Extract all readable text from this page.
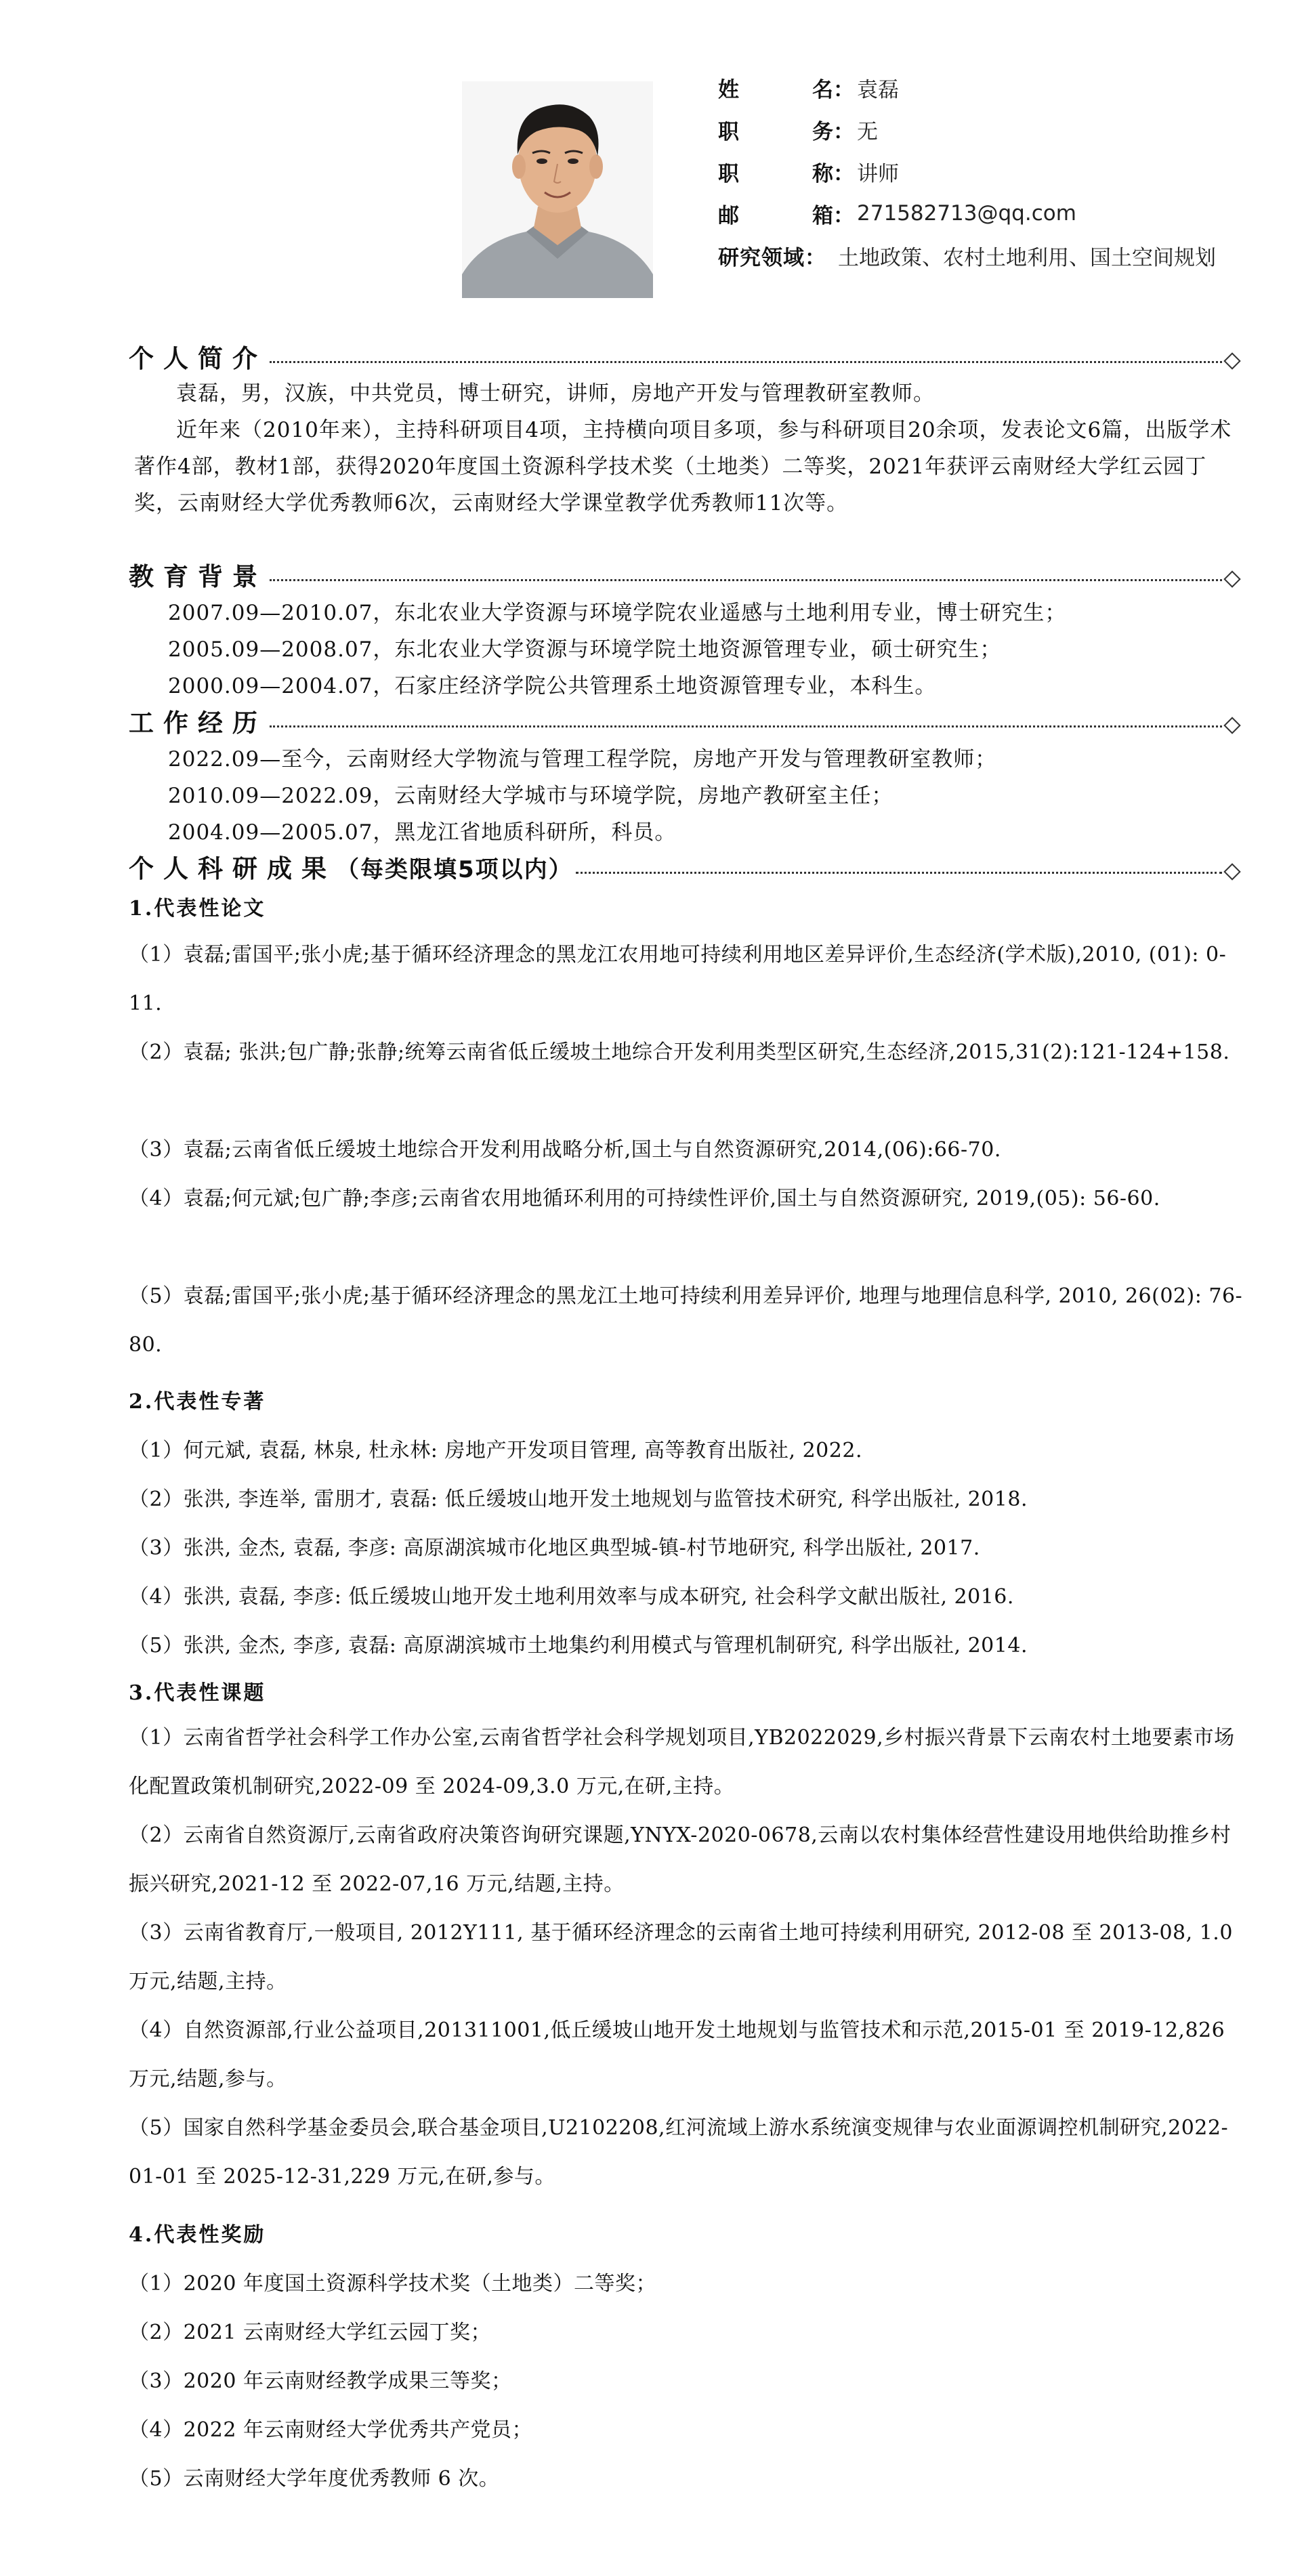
姓	名 ： 袁磊
职	务 ： 无
职	称 ： 讲师
邮	箱 ： 271582713@qq.com
研究领域 ： 土地政策、农村土地利用、国土空间规划
个人简介
袁磊，男，汉族，中共党员，博士研究，讲师，房地产开发与管理教研室教师。
近年来（2010年来），主持科研项目4项，主持横向项目多项，参与科研项目20余项，发表论文6篇，出版学术著作4部，教材1部，获得2020年度国土资源科学技术奖（土地类）二等奖，2021年获评云南财经大学红云园丁奖，云南财经大学优秀教师6次，云南财经大学课堂教学优秀教师11次等。
教育背景
2007.09—2010.07，东北农业大学资源与环境学院农业遥感与土地利用专业，博士研究生；
2005.09—2008.07，东北农业大学资源与环境学院土地资源管理专业，硕士研究生；
2000.09—2004.07，石家庄经济学院公共管理系土地资源管理专业，本科生。
工作经历
2022.09—至今，云南财经大学物流与管理工程学院，房地产开发与管理教研室教师；
2010.09—2022.09，云南财经大学城市与环境学院，房地产教研室主任；
2004.09—2005.07，黑龙江省地质科研所，科员。
个人科研成果（每类限填5项以内）
1.代表性论文
（1）袁磊;雷国平;张小虎;基于循环经济理念的黑龙江农用地可持续利用地区差异评价,生态经济(学术版),2010, (01): 0-11.
（2）袁磊; 张洪;包广静;张静;统筹云南省低丘缓坡土地综合开发利用类型区研究,生态经济,2015,31(2):121-124+158.
（3）袁磊;云南省低丘缓坡土地综合开发利用战略分析,国土与自然资源研究,2014,(06):66-70.
（4）袁磊;何元斌;包广静;李彦;云南省农用地循环利用的可持续性评价,国土与自然资源研究, 2019,(05): 56-60.
（5）袁磊;雷国平;张小虎;基于循环经济理念的黑龙江土地可持续利用差异评价, 地理与地理信息科学, 2010, 26(02): 76-80.
2.代表性专著
（1）何元斌, 袁磊, 林泉, 杜永林: 房地产开发项目管理, 高等教育出版社, 2022.
（2）张洪, 李连举, 雷朋才, 袁磊: 低丘缓坡山地开发土地规划与监管技术研究, 科学出版社, 2018.
（3）张洪, 金杰, 袁磊, 李彦: 高原湖滨城市化地区典型城-镇-村节地研究, 科学出版社, 2017.
（4）张洪, 袁磊, 李彦: 低丘缓坡山地开发土地利用效率与成本研究, 社会科学文献出版社, 2016.
（5）张洪, 金杰, 李彦, 袁磊: 高原湖滨城市土地集约利用模式与管理机制研究, 科学出版社, 2014.
3.代表性课题
（1）云南省哲学社会科学工作办公室,云南省哲学社会科学规划项目,YB2022029,乡村振兴背景下云南农村土地要素市场化配置政策机制研究,2022-09 至 2024-09,3.0 万元,在研,主持。
（2）云南省自然资源厅,云南省政府决策咨询研究课题,YNYX-2020-0678,云南以农村集体经营性建设用地供给助推乡村振兴研究,2021-12 至 2022-07,16 万元,结题,主持。
（3）云南省教育厅,一般项目, 2012Y111, 基于循环经济理念的云南省土地可持续利用研究, 2012-08 至 2013-08, 1.0 万元,结题,主持。
（4）自然资源部,行业公益项目,201311001,低丘缓坡山地开发土地规划与监管技术和示范,2015-01 至 2019-12,826 万元,结题,参与。
（5）国家自然科学基金委员会,联合基金项目,U2102208,红河流域上游水系统演变规律与农业面源调控机制研究,2022-01-01 至 2025-12-31,229 万元,在研,参与。
4.代表性奖励
（1）2020 年度国土资源科学技术奖（土地类）二等奖；
（2）2021 云南财经大学红云园丁奖；
（3）2020 年云南财经教学成果三等奖；
（4）2022 年云南财经大学优秀共产党员；
（5）云南财经大学年度优秀教师 6 次。
